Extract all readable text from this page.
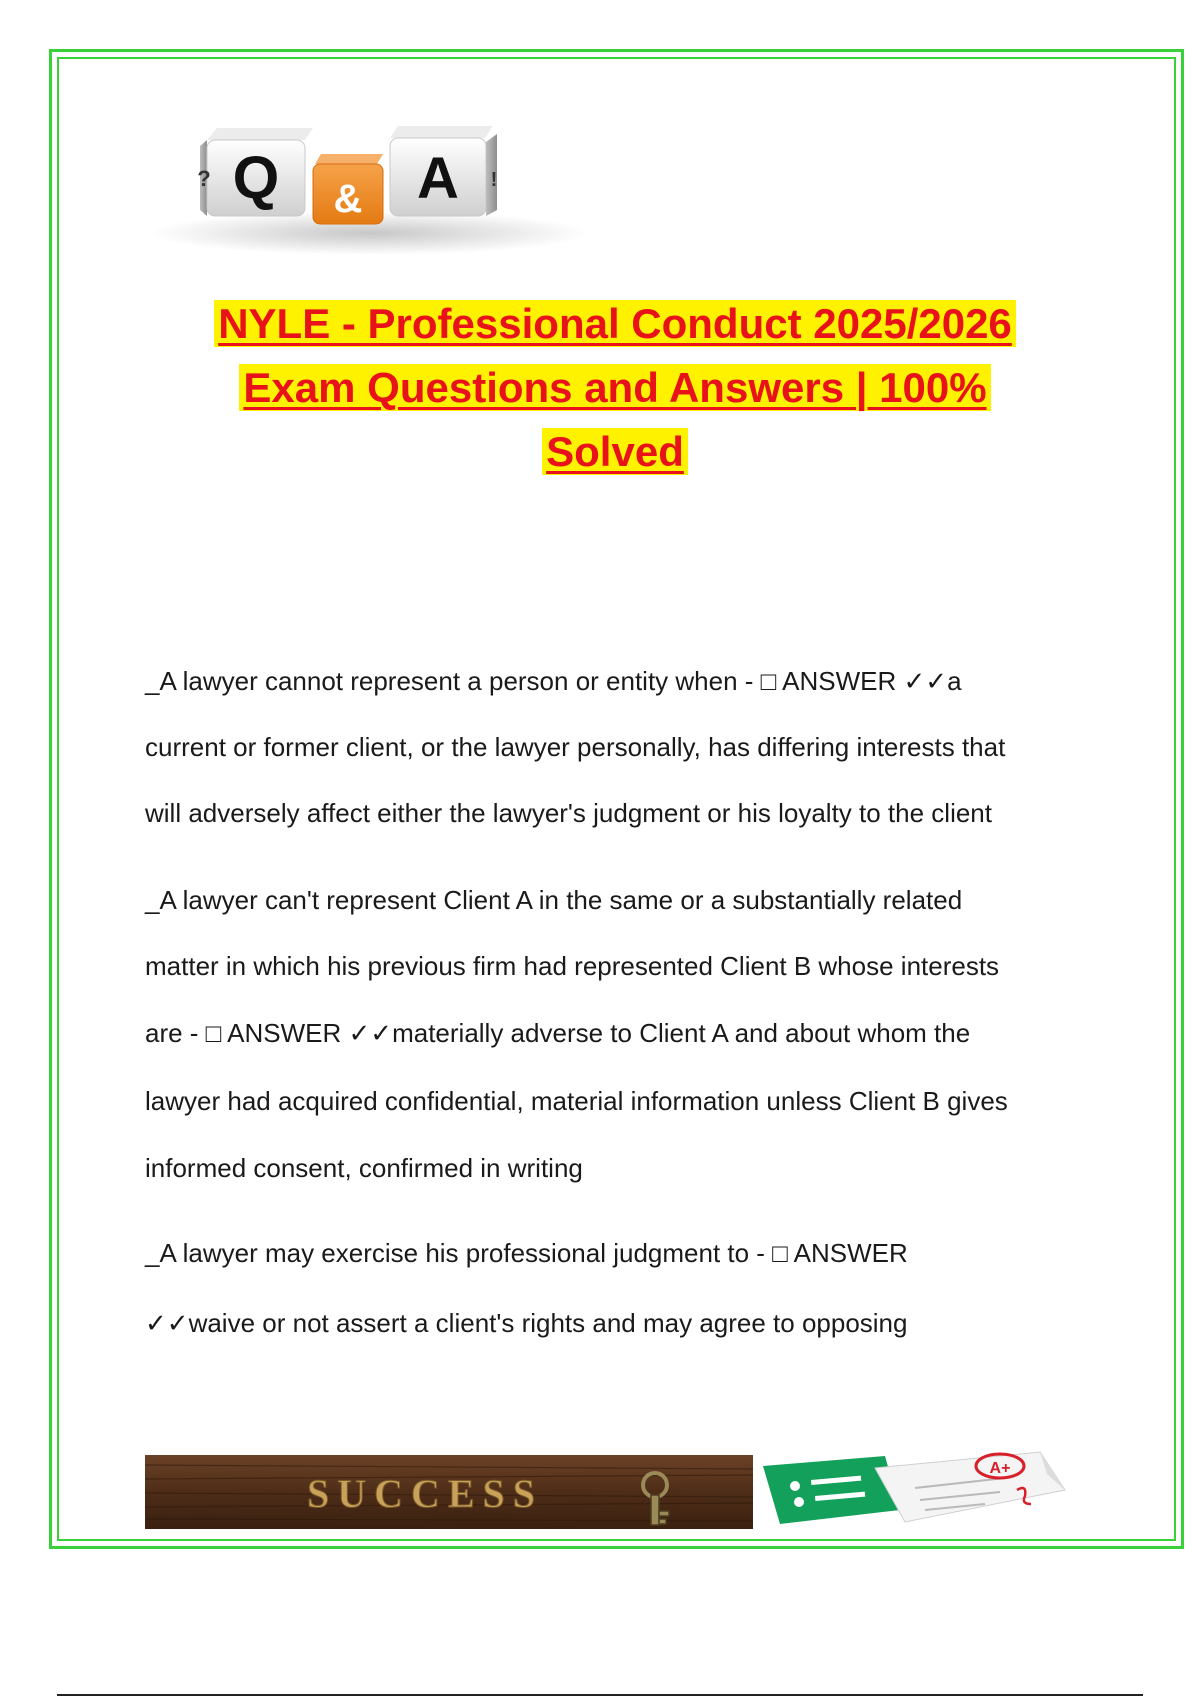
Q
?	& A !
NYLE - Professional Conduct 2025/2026
Exam Questions and Answers | 100%
Solved
_A lawyer cannot represent a person or entity when - □ ANSWER ✓✓a
current or former client, or the lawyer personally, has differing interests that
will adversely affect either the lawyer's judgment or his loyalty to the client
_A lawyer can't represent Client A in the same or a substantially related
matter in which his previous firm had represented Client B whose interests
are - □ ANSWER ✓✓materially adverse to Client A and about whom the
lawyer had acquired confidential, material information unless Client B gives
informed consent, confirmed in writing
_A lawyer may exercise his professional judgment to - □ ANSWER
✓✓waive or not assert a client's rights and may agree to opposing
SUCCESS
A+
